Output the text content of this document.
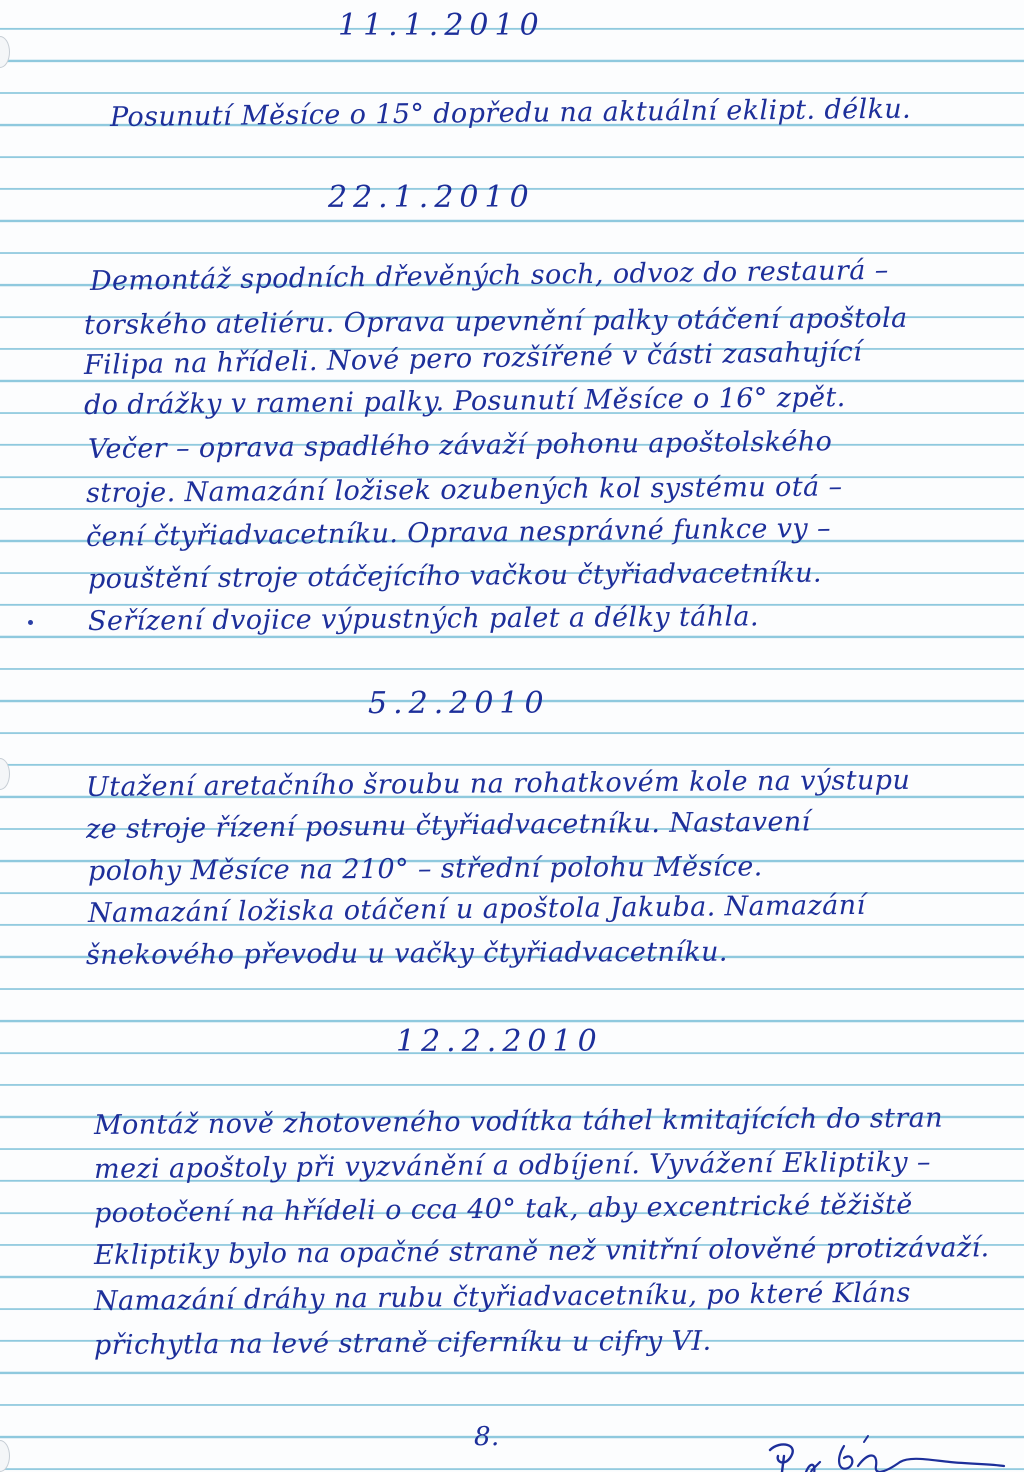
11.1.2010
Posunutí Měsíce o 15° dopředu na aktuální eklipt. délku.
22.1.2010
Demontáž spodních dřevěných soch, odvoz do restaurá –
torského ateliéru. Oprava upevnění palky otáčení apoštola
Filipa na hřídeli. Nové pero rozšířené v části zasahující
do drážky v rameni palky. Posunutí Měsíce o 16° zpět.
Večer – oprava spadlého závaží pohonu apoštolského
stroje. Namazání ložisek ozubených kol systému otá –
čení čtyřiadvacetníku. Oprava nesprávné funkce vy –
pouštění stroje otáčejícího vačkou čtyřiadvacetníku.
Seřízení dvojice výpustných palet a délky táhla.
5.2.2010
Utažení aretačního šroubu na rohatkovém kole na výstupu
ze stroje řízení posunu čtyřiadvacetníku. Nastavení
polohy Měsíce na 210° – střední polohu Měsíce.
Namazání ložiska otáčení u apoštola Jakuba. Namazání
šnekového převodu u vačky čtyřiadvacetníku.
12.2.2010
Montáž nově zhotoveného vodítka táhel kmitajících do stran
mezi apoštoly při vyzvánění a odbíjení. Vyvážení Ekliptiky –
pootočení na hřídeli o cca 40° tak, aby excentrické těžiště
Ekliptiky bylo na opačné straně než vnitřní olověné protizávaží.
Namazání dráhy na rubu čtyřiadvacetníku, po které Kláns
přichytla na levé straně ciferníku u cifry VI.
8.
